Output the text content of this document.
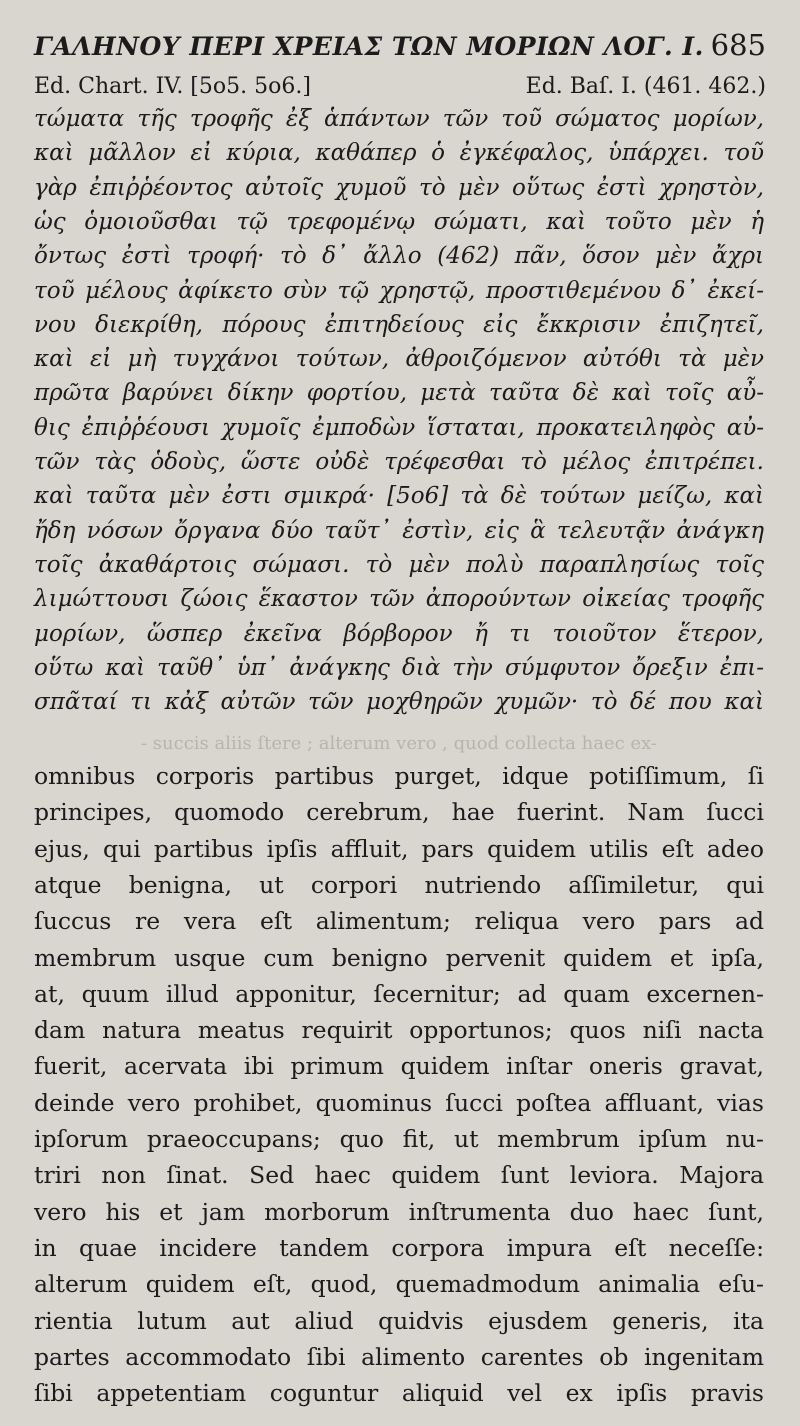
ΓΑΛΗΝΟΥ ΠΕΡΙ ΧΡΕΙΑΣ ΤΩΝ ΜΟΡΙΩΝ ΛΟΓ. Ι. 685
Ed. Chart. IV. [5o5. 5o6.]	Ed. Baſ. I. (461. 462.)
τώματα τῆς τροφῆς ἐξ ἁπάντων τῶν τοῦ σώματος μορίων,
καὶ μᾶλλον εἰ κύρια, καθάπερ ὁ ἐγκέφαλος, ὑπάρχει. τοῦ
γὰρ ἐπιῤῥέοντος αὐτοῖς χυμοῦ τὸ μὲν οὕτως ἐστὶ χρηστὸν,
ὡς ὁμοιοῦσθαι τῷ τρεφομένῳ σώματι, καὶ τοῦτο μὲν ἡ
ὄντως ἐστὶ τροφή· τὸ δ᾽ ἄλλο (462) πᾶν, ὅσον μὲν ἄχρι
τοῦ μέλους ἀφίκετο σὺν τῷ χρηστῷ, προστιθεμένου δ᾽ ἐκεί-
νου διεκρίθη, πόρους ἐπιτηδείους εἰς ἔκκρισιν ἐπιζητεῖ,
καὶ εἰ μὴ τυγχάνοι τούτων, ἀθροιζόμενον αὐτόθι τὰ μὲν
πρῶτα βαρύνει δίκην φορτίου, μετὰ ταῦτα δὲ καὶ τοῖς αὖ-
θις ἐπιῤῥέουσι χυμοῖς ἐμποδὼν ἵσταται, προκατειληφὸς αὐ-
τῶν τὰς ὁδοὺς, ὥστε οὐδὲ τρέφεσθαι τὸ μέλος ἐπιτρέπει.
καὶ ταῦτα μὲν ἐστι σμικρά· [5o6] τὰ δὲ τούτων μείζω, καὶ
ἤδη νόσων ὄργανα δύο ταῦτ᾽ ἐστὶν, εἰς ἃ τελευτᾷν ἀνάγκη
τοῖς ἀκαθάρτοις σώμασι. τὸ μὲν πολὺ παραπλησίως τοῖς
λιμώττουσι ζώοις ἕκαστον τῶν ἀπορούντων οἰκείας τροφῆς
μορίων, ὥσπερ ἐκεῖνα βόρβορον ἤ τι τοιοῦτον ἕτερον,
οὕτω καὶ ταῦθ᾽ ὑπ᾽ ἀνάγκης διὰ τὴν σύμφυτον ὄρεξιν ἐπι-
σπᾶταί τι κἀξ αὐτῶν τῶν μοχθηρῶν χυμῶν· τὸ δέ που καὶ
- succis aliis ſtere ; alterum vero , quod collecta haec ex-
omnibus corporis partibus purget, idque potiſſimum, ſi
principes, quomodo cerebrum, hae fuerint. Nam ſucci
ejus, qui partibus ipſis affluit, pars quidem utilis eſt adeo
atque benigna, ut corpori nutriendo aſſimiletur, qui
ſuccus re vera eſt alimentum; reliqua vero pars ad
membrum usque cum benigno pervenit quidem et ipſa,
at, quum illud apponitur, ſecernitur; ad quam excernen-
dam natura meatus requirit opportunos; quos niſi nacta
fuerit, acervata ibi primum quidem inſtar oneris gravat,
deinde vero prohibet, quominus ſucci poſtea affluant, vias
ipſorum praeoccupans; quo fit, ut membrum ipſum nu-
triri non ſinat. Sed haec quidem ſunt leviora. Majora
vero his et jam morborum inſtrumenta duo haec ſunt,
in quae incidere tandem corpora impura eſt neceſſe:
alterum quidem eſt, quod, quemadmodum animalia eſu-
rientia lutum aut aliud quidvis ejusdem generis, ita
partes accommodato ſibi alimento carentes ob ingenitam
ſibi appetentiam coguntur aliquid vel ex ipſis pravis
